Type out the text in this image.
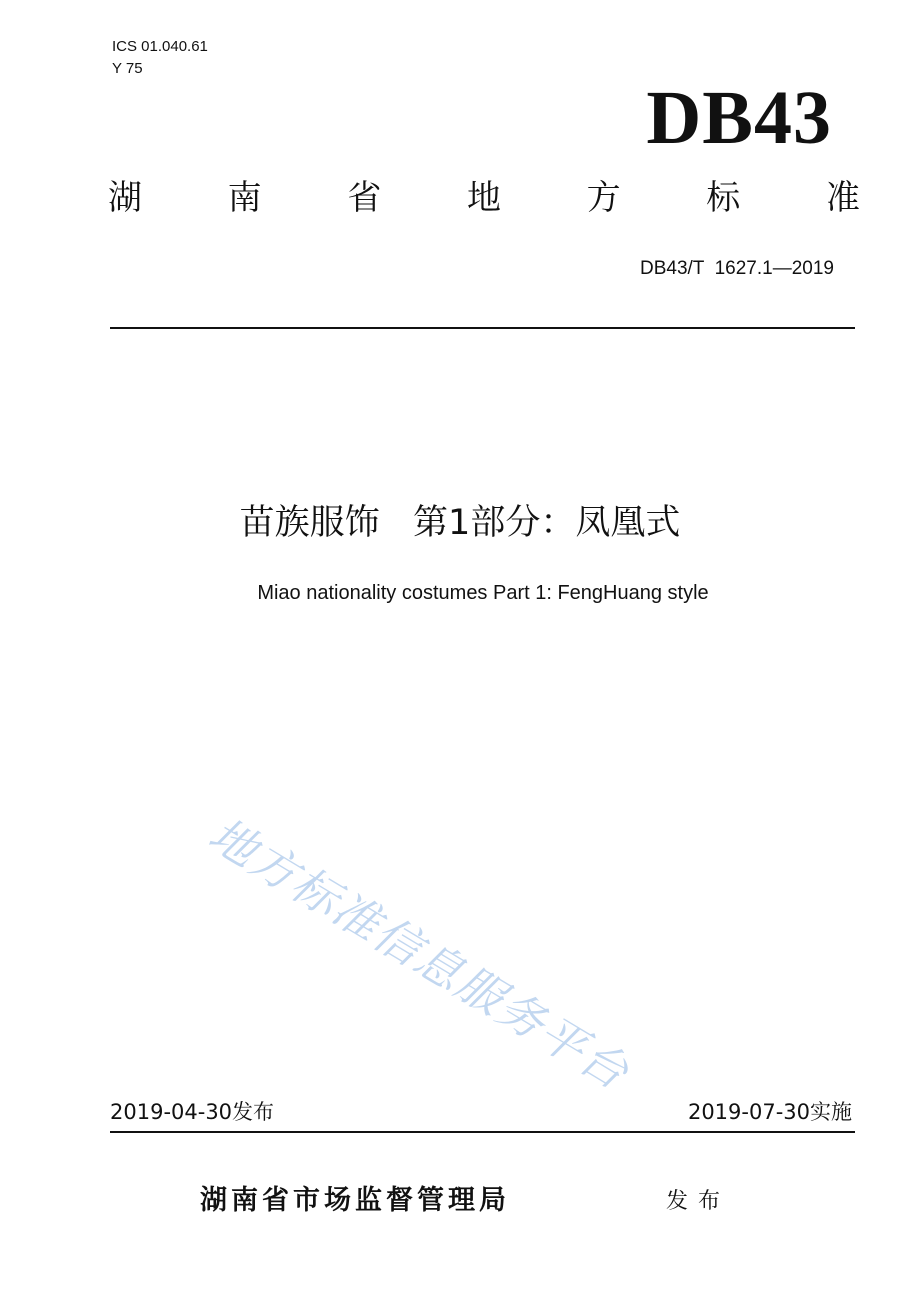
ICS 01.040.61
Y 75
DB43
湖	南	省	地	方	标	准
DB43/T  1627.1—2019
苗族服饰   第1部分：凤凰式
Miao nationality costumes Part 1: FengHuang style
地方标准信息服务平台
2019-04-30发布	2019-07-30实施
湖南省市场监督管理局	发布
